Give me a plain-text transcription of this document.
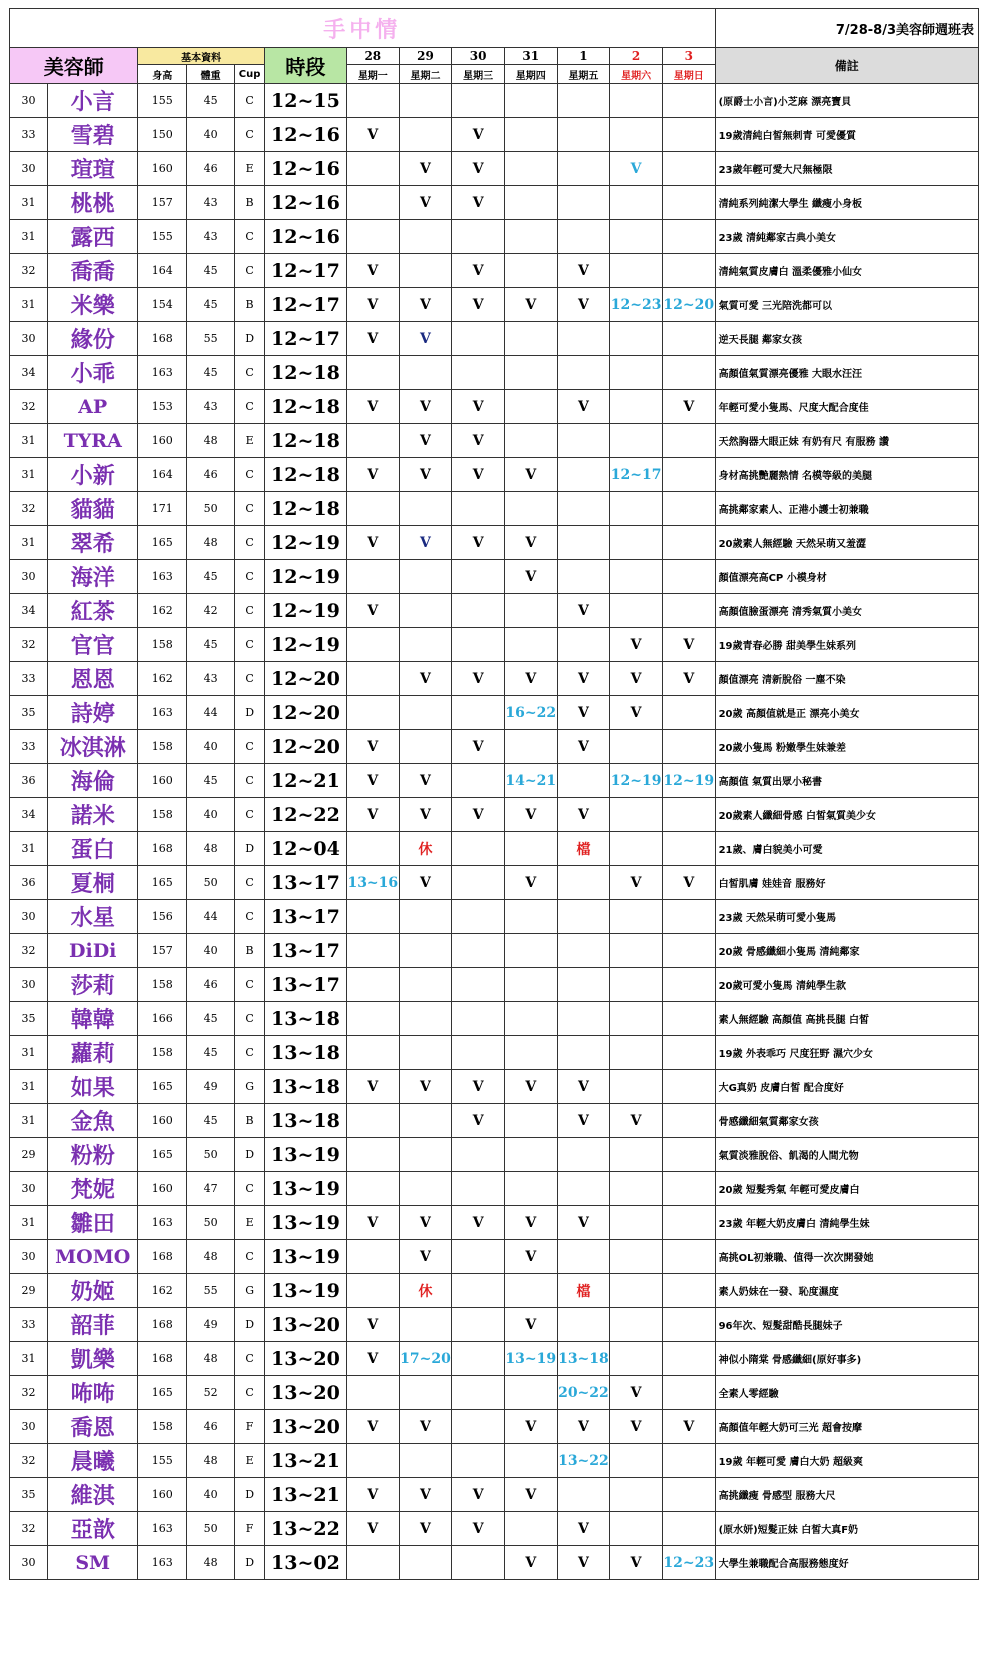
手中情													7/28-8/3美容師週班表
美容師		基本資料			時段	28	29	30	31	1	2	3	備註
		身高	體重	Cup		星期一	星期二	星期三	星期四	星期五	星期六	星期日	
30	小言	155	45	C	12~15								(原爵士小言)小芝麻 漂亮寶貝
33	雪碧	150	40	C	12~16	V		V					19歲清純白皙無刺青 可愛優質
30	瑄瑄	160	46	E	12~16		V	V			V		23歲年輕可愛大尺無極限
31	桃桃	157	43	B	12~16		V	V					清純系列純潔大學生 纖瘦小身板
31	露西	155	43	C	12~16								23歲 清純鄰家古典小美女
32	喬喬	164	45	C	12~17	V		V		V			清純氣質皮膚白 溫柔優雅小仙女
31	米樂	154	45	B	12~17	V	V	V	V	V	12~23	12~20	氣質可愛 三光陪洗都可以
30	緣份	168	55	D	12~17	V	V						逆天長腿 鄰家女孩
34	小乖	163	45	C	12~18								高顏值氣質漂亮優雅 大眼水汪汪
32	AP	153	43	C	12~18	V	V	V		V		V	年輕可愛小隻馬、尺度大配合度佳
31	TYRA	160	48	E	12~18		V	V					天然胸器大眼正妹 有奶有尺 有服務 讚
31	小新	164	46	C	12~18	V	V	V	V		12~17		身材高挑艷麗熱情 名模等級的美腿
32	貓貓	171	50	C	12~18								高挑鄰家素人、正港小護士初兼職
31	翠希	165	48	C	12~19	V	V	V	V				20歲素人無經驗 天然呆萌又羞澀
30	海洋	163	45	C	12~19				V				顏值漂亮高CP 小模身材
34	紅茶	162	42	C	12~19	V				V			高顏值臉蛋漂亮 清秀氣質小美女
32	官官	158	45	C	12~19						V	V	19歲青春必勝 甜美學生妹系列
33	恩恩	162	43	C	12~20		V	V	V	V	V	V	顏值漂亮 清新脫俗 一塵不染
35	詩婷	163	44	D	12~20				16~22	V	V		20歲 高顏值就是正 漂亮小美女
33	冰淇淋	158	40	C	12~20	V		V		V			20歲小隻馬 粉嫩學生妹兼差
36	海倫	160	45	C	12~21	V	V		14~21		12~19	12~19	高顏值 氣質出眾小秘書
34	諾米	158	40	C	12~22	V	V	V	V	V			20歲素人纖細骨感 白皙氣質美少女
31	蛋白	168	48	D	12~04		休			檔			21歲、膚白貌美小可愛
36	夏桐	165	50	C	13~17	13~16	V		V		V	V	白皙肌膚 娃娃音 服務好
30	水星	156	44	C	13~17								23歲 天然呆萌可愛小隻馬
32	DiDi	157	40	B	13~17								20歲 骨感纖細小隻馬 清純鄰家
30	莎莉	158	46	C	13~17								20歲可愛小隻馬 清純學生款
35	韓韓	166	45	C	13~18								素人無經驗 高顏值 高挑長腿 白皙
31	蘿莉	158	45	C	13~18								19歲 外表乖巧 尺度狂野 濕穴少女
31	如果	165	49	G	13~18	V	V	V	V	V			大G真奶 皮膚白皙 配合度好
31	金魚	160	45	B	13~18			V		V	V		骨感纖細氣質鄰家女孩
29	粉粉	165	50	D	13~19								氣質淡雅脫俗、飢渴的人間尤物
30	梵妮	160	47	C	13~19								20歲 短髮秀氣 年輕可愛皮膚白
31	雛田	163	50	E	13~19	V	V	V	V	V			23歲 年輕大奶皮膚白 清純學生妹
30	MOMO	168	48	C	13~19		V		V				高挑OL初兼職、值得一次次開發她
29	奶姬	162	55	G	13~19		休			檔			素人奶妹在一發、恥度濕度
33	韶菲	168	49	D	13~20	V			V				96年次、短髮甜酷長腿妹子
31	凱樂	168	48	C	13~20	V	17~20		13~19	13~18			神似小隋棠 骨感纖細(原好事多)
32	咘咘	165	52	C	13~20					20~22	V		全素人零經驗
30	喬恩	158	46	F	13~20	V	V		V	V	V	V	高顏值年輕大奶可三光 超會按摩
32	晨曦	155	48	E	13~21					13~22			19歲 年輕可愛 膚白大奶 超級爽
35	維淇	160	40	D	13~21	V	V	V	V				高挑纖瘦 骨感型 服務大尺
32	亞歆	163	50	F	13~22	V	V	V		V			(原水妍)短髮正妹 白皙大真F奶
30	SM	163	48	D	13~02				V	V	V	12~23	大學生兼職配合高服務態度好
